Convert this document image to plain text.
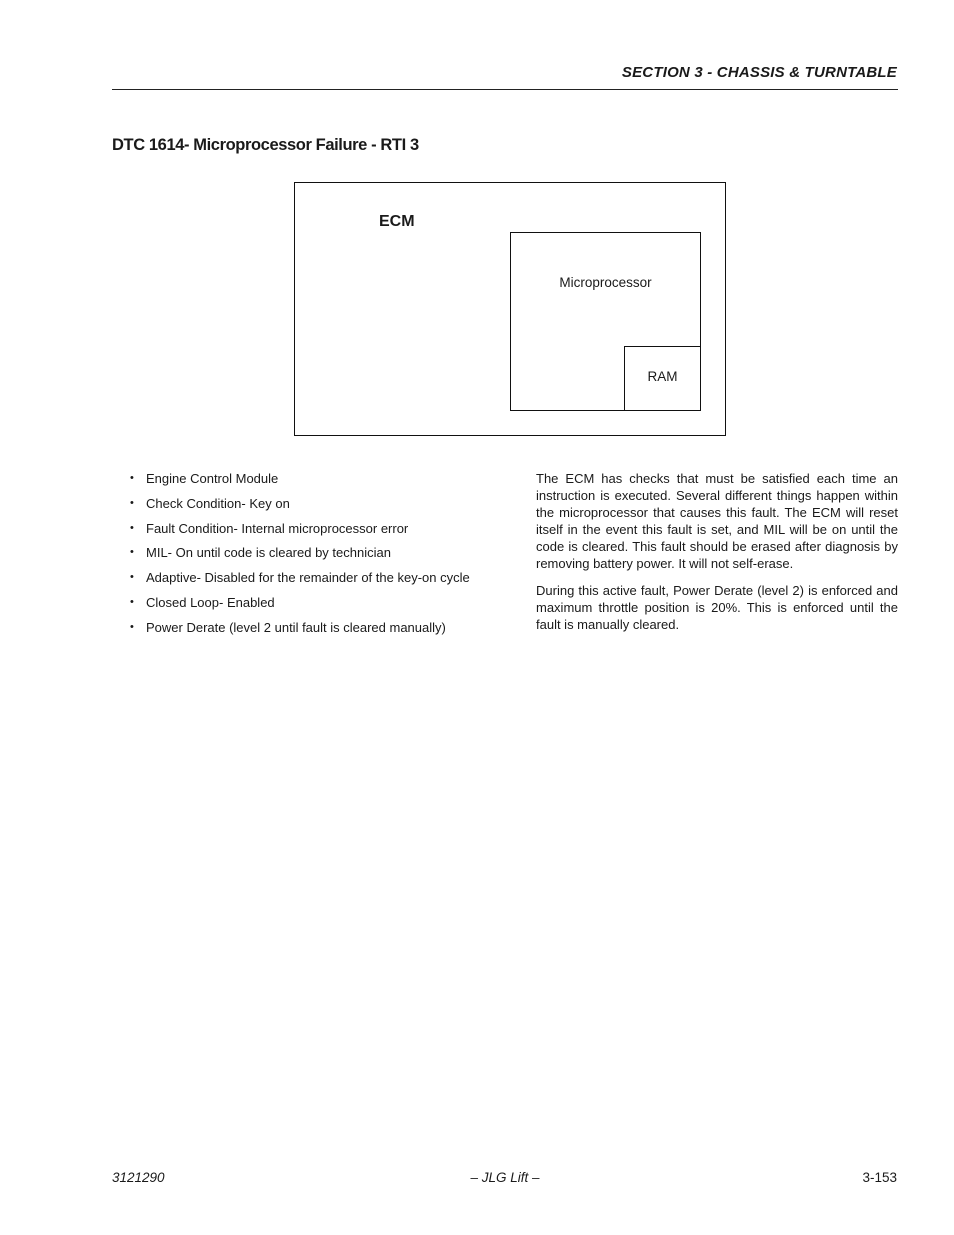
SECTION 3 - CHASSIS & TURNTABLE
DTC 1614- Microprocessor Failure - RTI 3
ECM
Microprocessor
RAM
• Engine Control Module
• Check Condition- Key on
• Fault Condition- Internal microprocessor error
• MIL- On until code is cleared by technician
• Adaptive- Disabled for the remainder of the key-on cycle
• Closed Loop- Enabled
• Power Derate (level 2 until fault is cleared manually)

The ECM has checks that must be satisfied each time an instruction is executed. Several different things happen within the microprocessor that causes this fault. The ECM will reset itself in the event this fault is set, and MIL will be on until the code is cleared. This fault should be erased after diagnosis by removing battery power. It will not self-erase.

During this active fault, Power Derate (level 2) is enforced and maximum throttle position is 20%. This is enforced until the fault is manually cleared.

3121290	– JLG Lift –	3-153
